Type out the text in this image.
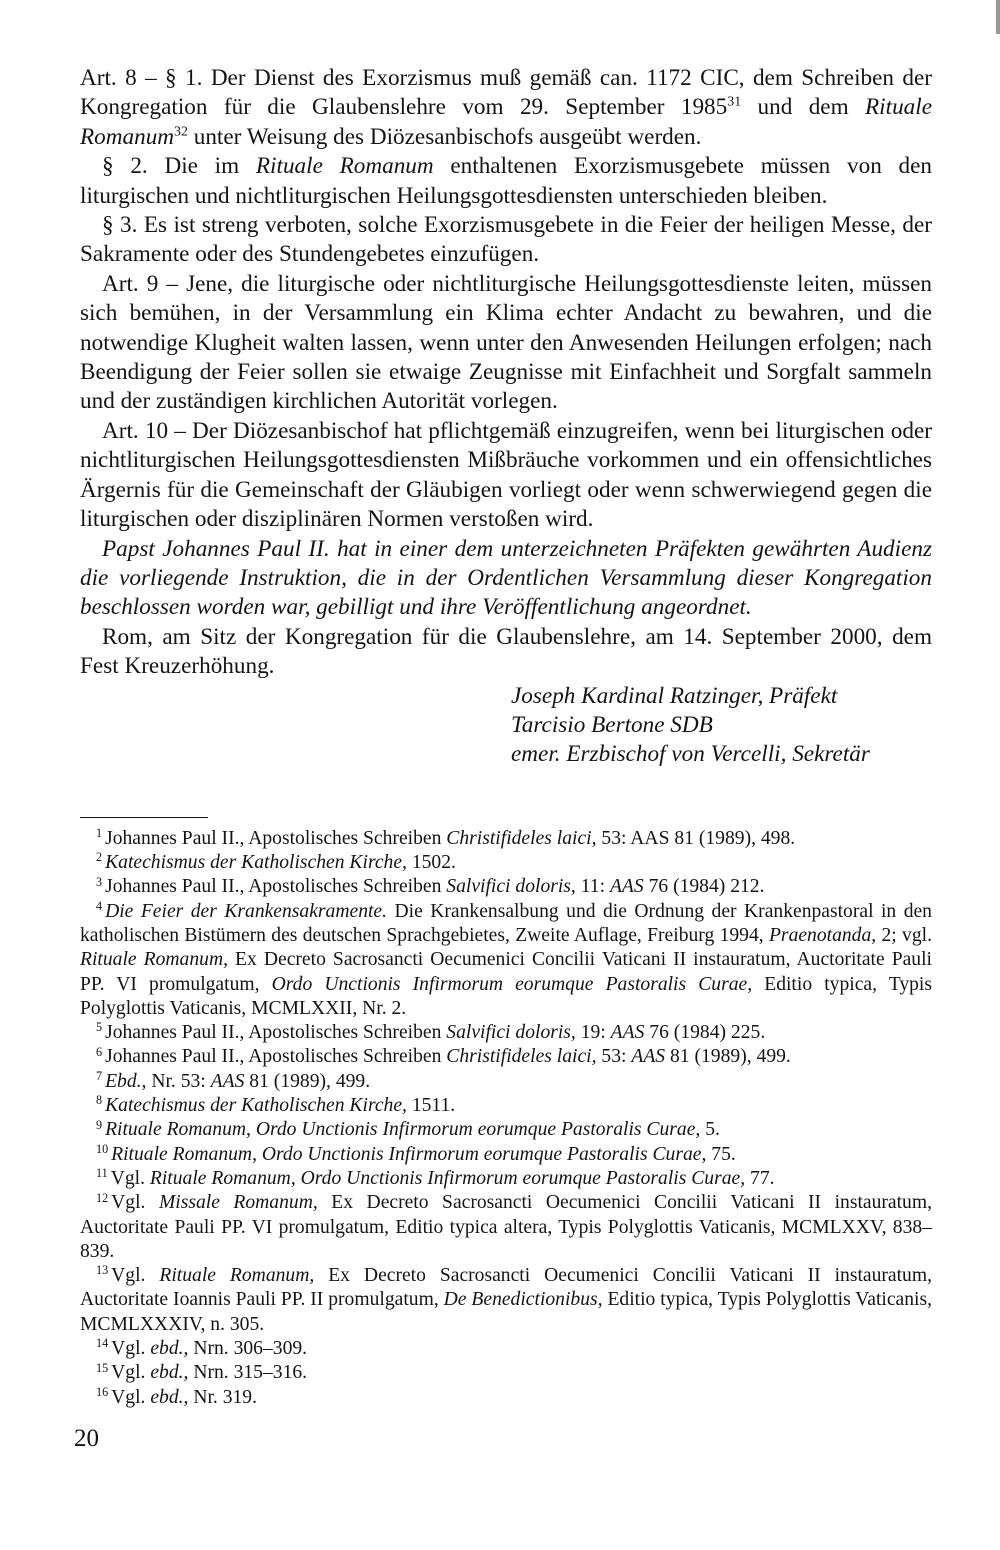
Art. 8 – § 1. Der Dienst des Exorzismus muß gemäß can. 1172 CIC, dem Schreiben der Kongregation für die Glaubenslehre vom 29. September 1985$^{31}$ und dem Rituale Romanum$^{32}$ unter Weisung des Diözesanbischofs ausgeübt werden.

§ 2. Die im Rituale Romanum enthaltenen Exorzismusgebete müssen von den liturgischen und nichtliturgischen Heilungsgottesdiensten unterschieden bleiben.

§ 3. Es ist streng verboten, solche Exorzismusgebete in die Feier der heiligen Messe, der Sakramente oder des Stundengebetes einzufügen.

Art. 9 – Jene, die liturgische oder nichtliturgische Heilungsgottesdienste leiten, müssen sich bemühen, in der Versammlung ein Klima echter Andacht zu bewahren, und die notwendige Klugheit walten lassen, wenn unter den Anwesenden Heilungen erfolgen; nach Beendigung der Feier sollen sie etwaige Zeugnisse mit Einfachheit und Sorgfalt sammeln und der zuständigen kirchlichen Autorität vorlegen.

Art. 10 – Der Diözesanbischof hat pflichtgemäß einzugreifen, wenn bei liturgischen oder nichtliturgischen Heilungsgottesdiensten Mißbräuche vorkommen und ein offensichtliches Ärgernis für die Gemeinschaft der Gläubigen vorliegt oder wenn schwerwiegend gegen die liturgischen oder disziplinären Normen verstoßen wird.

Papst Johannes Paul II. hat in einer dem unterzeichneten Präfekten gewährten Audienz die vorliegende Instruktion, die in der Ordentlichen Versammlung dieser Kongregation beschlossen worden war, gebilligt und ihre Veröffentlichung angeordnet.

Rom, am Sitz der Kongregation für die Glaubenslehre, am 14. September 2000, dem Fest Kreuzerhöhung.

Joseph Kardinal Ratzinger, Präfekt
Tarcisio Bertone SDB
emer. Erzbischof von Vercelli, Sekretär

$^1$ Johannes Paul II., Apostolisches Schreiben Christifideles laici, 53: AAS 81 (1989), 498.

$^2$ Katechismus der Katholischen Kirche, 1502.

$^3$ Johannes Paul II., Apostolisches Schreiben Salvifici doloris, 11: AAS 76 (1984) 212.

$^4$ Die Feier der Krankensakramente. Die Krankensalbung und die Ordnung der Krankenpastoral in den katholischen Bistümern des deutschen Sprachgebietes, Zweite Auflage, Freiburg 1994, Praenotanda, 2; vgl. Rituale Romanum, Ex Decreto Sacrosancti Oecumenici Concilii Vaticani II instauratum, Auctoritate Pauli PP. VI promulgatum, Ordo Unctionis Infirmorum eorumque Pastoralis Curae, Editio typica, Typis Polyglottis Vaticanis, MCMLXXII, Nr. 2.

$^5$ Johannes Paul II., Apostolisches Schreiben Salvifici doloris, 19: AAS 76 (1984) 225.

$^6$ Johannes Paul II., Apostolisches Schreiben Christifideles laici, 53: AAS 81 (1989), 499.

$^7$ Ebd., Nr. 53: AAS 81 (1989), 499.

$^8$ Katechismus der Katholischen Kirche, 1511.

$^9$ Rituale Romanum, Ordo Unctionis Infirmorum eorumque Pastoralis Curae, 5.

$^{10}$ Rituale Romanum, Ordo Unctionis Infirmorum eorumque Pastoralis Curae, 75.

$^{11}$ Vgl. Rituale Romanum, Ordo Unctionis Infirmorum eorumque Pastoralis Curae, 77.

$^{12}$ Vgl. Missale Romanum, Ex Decreto Sacrosancti Oecumenici Concilii Vaticani II instauratum, Auctoritate Pauli PP. VI promulgatum, Editio typica altera, Typis Polyglottis Vaticanis, MCMLXXV, 838–839.

$^{13}$ Vgl. Rituale Romanum, Ex Decreto Sacrosancti Oecumenici Concilii Vaticani II instauratum, Auctoritate Ioannis Pauli PP. II promulgatum, De Benedictionibus, Editio typica, Typis Polyglottis Vaticanis, MCMLXXXIV, n. 305.

$^{14}$ Vgl. ebd., Nrn. 306–309.

$^{15}$ Vgl. ebd., Nrn. 315–316.

$^{16}$ Vgl. ebd., Nr. 319.

20
